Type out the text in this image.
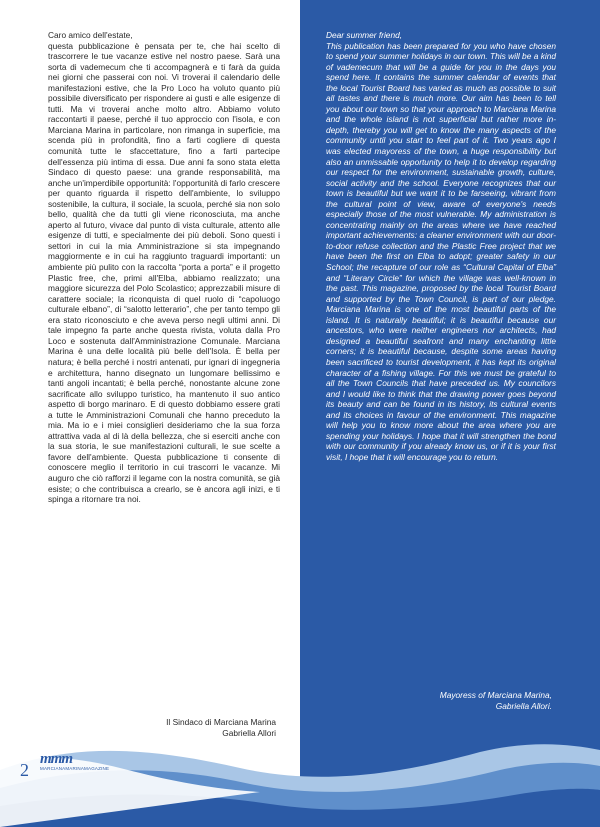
Caro amico dell'estate,

questa pubblicazione è pensata per te, che hai scelto di trascorrere le tue vacanze estive nel nostro paese. Sarà una sorta di vademecum che ti accompagnerà e ti farà da guida nei giorni che passerai con noi. Vi troverai il calendario delle manifestazioni estive, che la Pro Loco ha voluto quanto più possibile diversificato per rispondere ai gusti e alle esigenze di tutti. Ma vi troverai anche molto altro. Abbiamo voluto raccontarti il paese, perché il tuo approccio con l'isola, e con Marciana Marina in particolare, non rimanga in superficie, ma scenda più in profondità, fino a farti cogliere di questa comunità tutte le sfaccettature, fino a farti partecipe dell'essenza più intima di essa. Due anni fa sono stata eletta Sindaco di questo paese: una grande responsabilità, ma anche un'imperdibile opportunità: l'opportunità di farlo crescere per quanto riguarda il rispetto dell'ambiente, lo sviluppo sostenibile, la cultura, il sociale, la scuola, perché sia non solo bello, qualità che da tutti gli viene riconosciuta, ma anche aperto al futuro, vivace dal punto di vista culturale, attento alle esigenze di tutti, e specialmente dei più deboli. Sono questi i settori in cui la mia Amministrazione si sta impegnando maggiormente e in cui ha raggiunto traguardi importanti: un ambiente più pulito con la raccolta “porta a porta” e il progetto Plastic free, che, primi all'Elba, abbiamo realizzato; una maggiore sicurezza del Polo Scolastico; apprezzabili misure di carattere sociale; la riconquista di quel ruolo di “capoluogo culturale elbano”, di “salotto letterario”, che per tanto tempo gli era stato riconosciuto e che aveva perso negli ultimi anni. Di tale impegno fa parte anche questa rivista, voluta dalla Pro Loco e sostenuta dall'Amministrazione Comunale. Marciana Marina è una delle località più belle dell'Isola. È bella per natura; è bella perché i nostri antenati, pur ignari di ingegneria e architettura, hanno disegnato un lungomare bellissimo e tanti angoli incantati; è bella perché, nonostante alcune zone sacrificate allo sviluppo turistico, ha mantenuto il suo antico aspetto di borgo marinaro. E di questo dobbiamo essere grati a tutte le Amministrazioni Comunali che hanno preceduto la mia. Ma io e i miei consiglieri desideriamo che la sua forza attrattiva vada al di là della bellezza, che si eserciti anche con la sua storia, le sue manifestazioni culturali, le sue scelte a favore dell'ambiente. Questa pubblicazione ti consente di conoscere meglio il territorio in cui trascorri le vacanze. Mi auguro che ciò rafforzi il legame con la nostra comunità, se già esiste; o che contribuisca a crearlo, se è ancora agli inizi, e ti spinga a ritornare tra noi.

Il Sindaco di Marciana Marina
Gabriella Allori

Dear summer friend,

This publication has been prepared for you who have chosen to spend your summer holidays in our town. This will be a kind of vademecum that will be a guide for you in the days you spend here. It contains the summer calendar of events that the local Tourist Board has varied as much as possible to suit all tastes and there is much more. Our aim has been to tell you about our town so that your approach to Marciana Marina and the whole island is not superficial but rather more in-depth, thereby you will get to know the many aspects of the community until you start to feel part of it. Two years ago I was elected mayoress of the town, a huge responsibility but also an unmissable opportunity to help it to develop regarding our respect for the environment, sustainable growth, culture, social activity and the school. Everyone recognizes that our town is beautiful but we want it to be farseeing, vibrant from the cultural point of view, aware of everyone's needs especially those of the most vulnerable. My administration is concentrating mainly on the areas where we have reached important achievements: a cleaner environment with our door-to-door refuse collection and the Plastic Free project that we have been the first on Elba to adopt; greater safety in our School; the recapture of our role as “Cultural Capital of Elba” and “Literary Circle” for which the village was well-known in the past. This magazine, proposed by the local Tourist Board and supported by the Town Council, is part of our pledge. Marciana Marina is one of the most beautiful parts of the island. It is naturally beautiful; it is beautiful because our ancestors, who were neither engineers nor architects, had designed a beautiful seafront and many enchanting little corners; it is beautiful because, despite some areas having been sacrificed to tourist development, it has kept its original character of a fishing village. For this we must be grateful to all the Town Councils that have preceded us. My councilors and I would like to think that the drawing power goes beyond its beauty and can be found in its history, its cultural events and its choices in favour of the environment. This magazine will help you to know more about the area where you are spending your holidays. I hope that it will strengthen the bond with our community if you already know us, or if it is your first visit, I hope that it will encourage you to return.

Mayoress of Marciana Marina,
Gabriella Allori.
2
mmm
MARCIANAMARINAMAGAZINE
